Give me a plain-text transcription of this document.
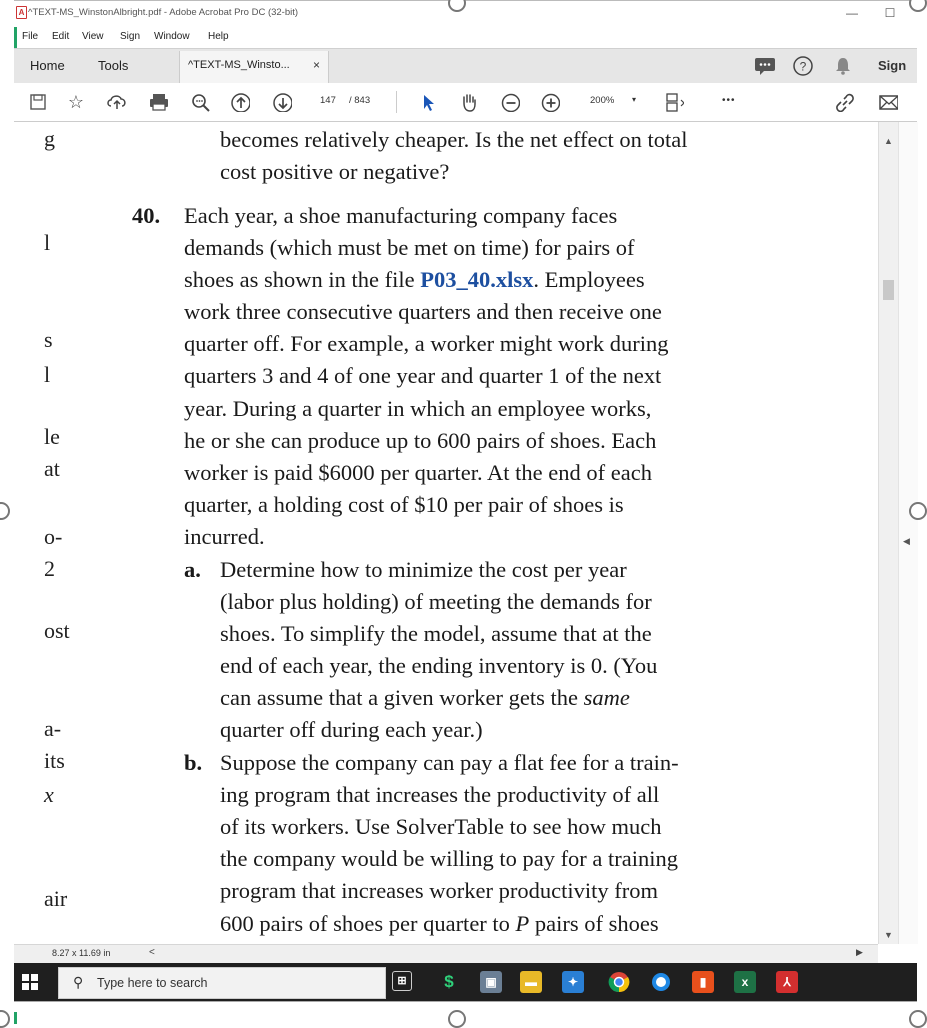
A ^TEXT-MS_WinstonAlbright.pdf - Adobe Acrobat Pro DC (32-bit)	—	☐
File Edit View Sign Window Help
Home	Tools	^TEXT-MS_Winsto... ×	?	Sign
☆	147 / 843	200% ▾	•••
g
l
s
l
le
at
o-
2
ost
a-
its
x
air
becomes relatively cheaper. Is the net effect on total
cost positive or negative?
40. Each year, a shoe manufacturing company faces
demands (which must be met on time) for pairs of
shoes as shown in the file P03_40.xlsx. Employees
work three consecutive quarters and then receive one
quarter off. For example, a worker might work during
quarters 3 and 4 of one year and quarter 1 of the next
year. During a quarter in which an employee works,
he or she can produce up to 600 pairs of shoes. Each
worker is paid $6000 per quarter. At the end of each
quarter, a holding cost of $10 per pair of shoes is
incurred.
a. Determine how to minimize the cost per year
(labor plus holding) of meeting the demands for
shoes. To simplify the model, assume that at the
end of each year, the ending inventory is 0. (You
can assume that a given worker gets the same
quarter off during each year.)
b. Suppose the company can pay a flat fee for a train-
ing program that increases the productivity of all
of its workers. Use SolverTable to see how much
the company would be willing to pay for a training
program that increases worker productivity from
600 pairs of shoes per quarter to P pairs of shoes
▲
▼
◀
8.27 x 11.69 in	<	▶
⚲ Type here to search	⊞	$	▣	▬	✦	▮	x	⅄
